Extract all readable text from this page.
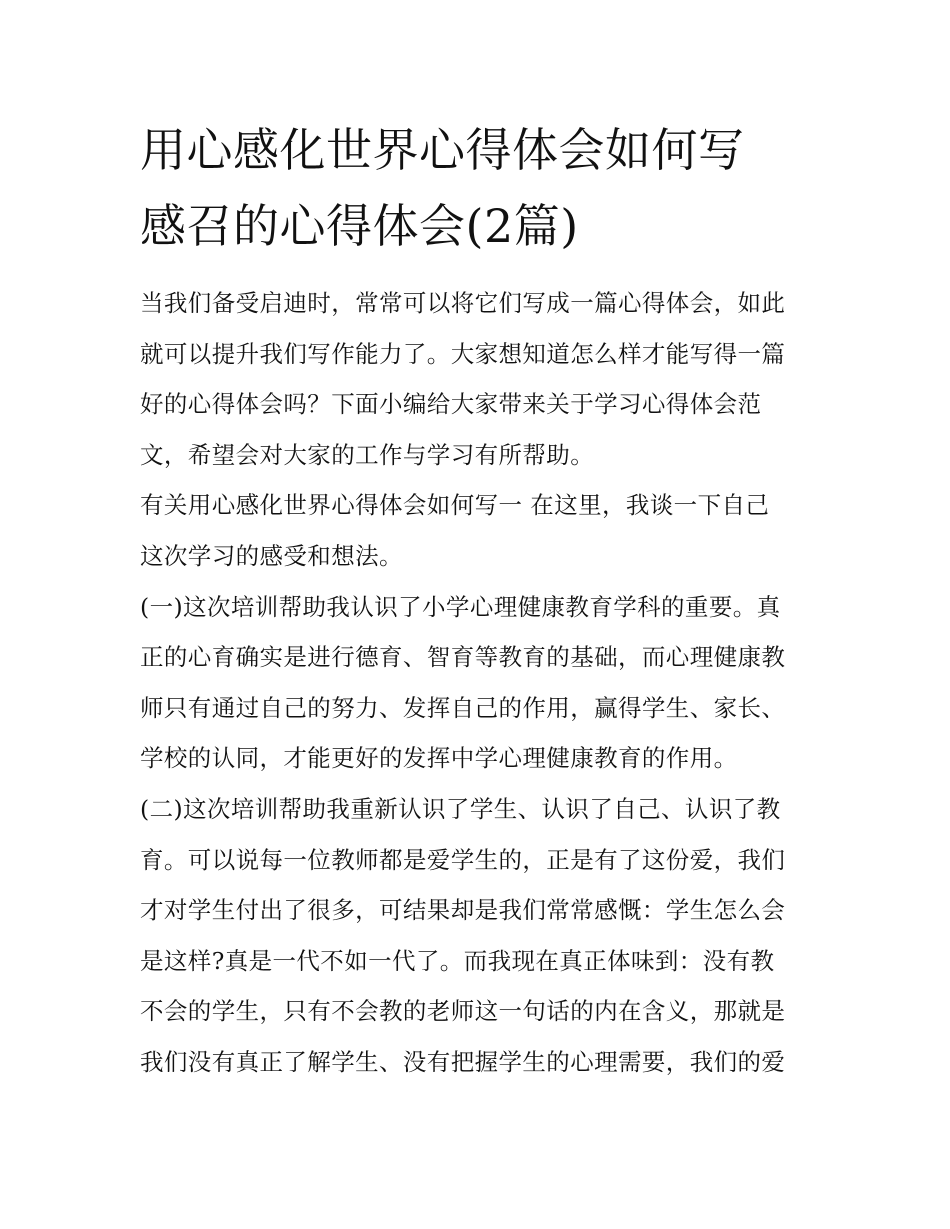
用心感化世界心得体会如何写
感召的心得体会(2篇)
当我们备受启迪时，常常可以将它们写成一篇心得体会，如此
就可以提升我们写作能力了。大家想知道怎么样才能写得一篇
好的心得体会吗？下面小编给大家带来关于学习心得体会范
文，希望会对大家的工作与学习有所帮助。
有关用心感化世界心得体会如何写一 在这里，我谈一下自己
这次学习的感受和想法。
(一)这次培训帮助我认识了小学心理健康教育学科的重要。真
正的心育确实是进行德育、智育等教育的基础，而心理健康教
师只有通过自己的努力、发挥自己的作用，赢得学生、家长、
学校的认同，才能更好的发挥中学心理健康教育的作用。
(二)这次培训帮助我重新认识了学生、认识了自己、认识了教
育。可以说每一位教师都是爱学生的，正是有了这份爱，我们
才对学生付出了很多，可结果却是我们常常感慨：学生怎么会
是这样?真是一代不如一代了。而我现在真正体味到：没有教
不会的学生，只有不会教的老师这一句话的内在含义，那就是
我们没有真正了解学生、没有把握学生的心理需要，我们的爱
